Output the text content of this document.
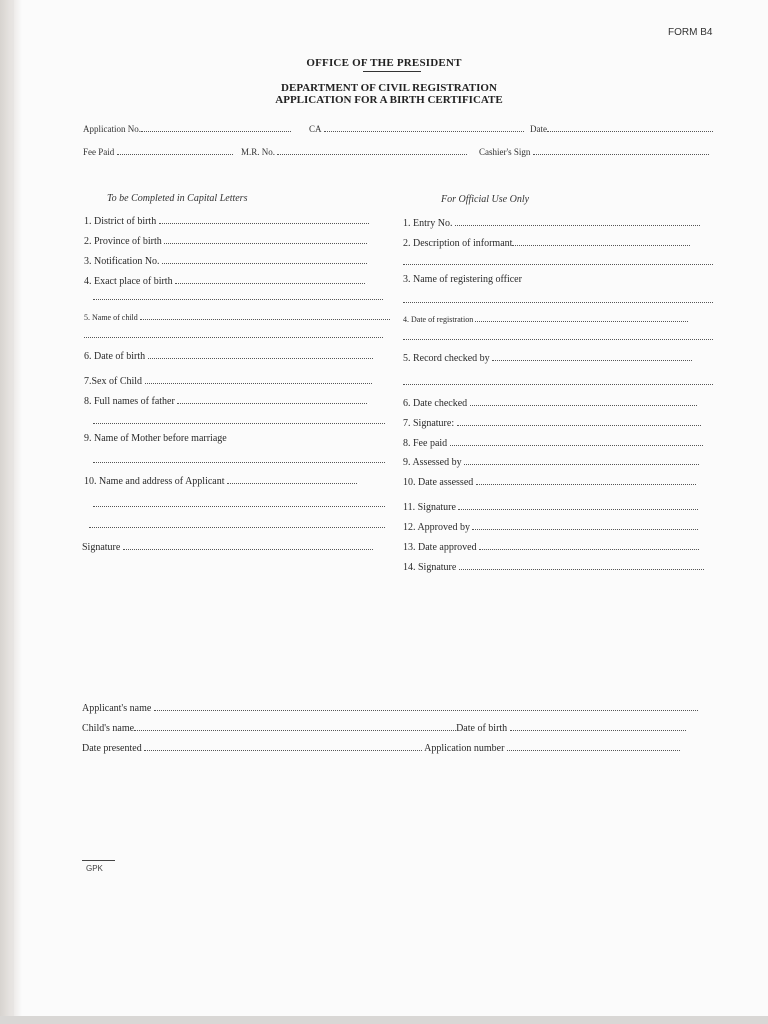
FORM B4
OFFICE OF THE PRESIDENT
DEPARTMENT OF CIVIL REGISTRATION
APPLICATION FOR A BIRTH CERTIFICATE
Application No.	CA	Date
Fee Paid	M.R. No.	Cashier's Sign
To be Completed in Capital Letters	For Official Use Only
1. District of birth
2. Province of birth
3. Notification No.
4. Exact place of birth
5. Name of child
6. Date of birth
7.Sex of Child
8. Full names of father
9. Name of Mother before marriage
10. Name and address of Applicant
Signature
1. Entry No.
2. Description of informant
3. Name of registering officer
4. Date of registration
5. Record checked by
6. Date checked
7. Signature:
8. Fee paid
9. Assessed by
10. Date assessed
11. Signature
12. Approved by
13. Date approved
14. Signature
Applicant's name
Child's name	Date of birth
Date presented	Application number
GPK
